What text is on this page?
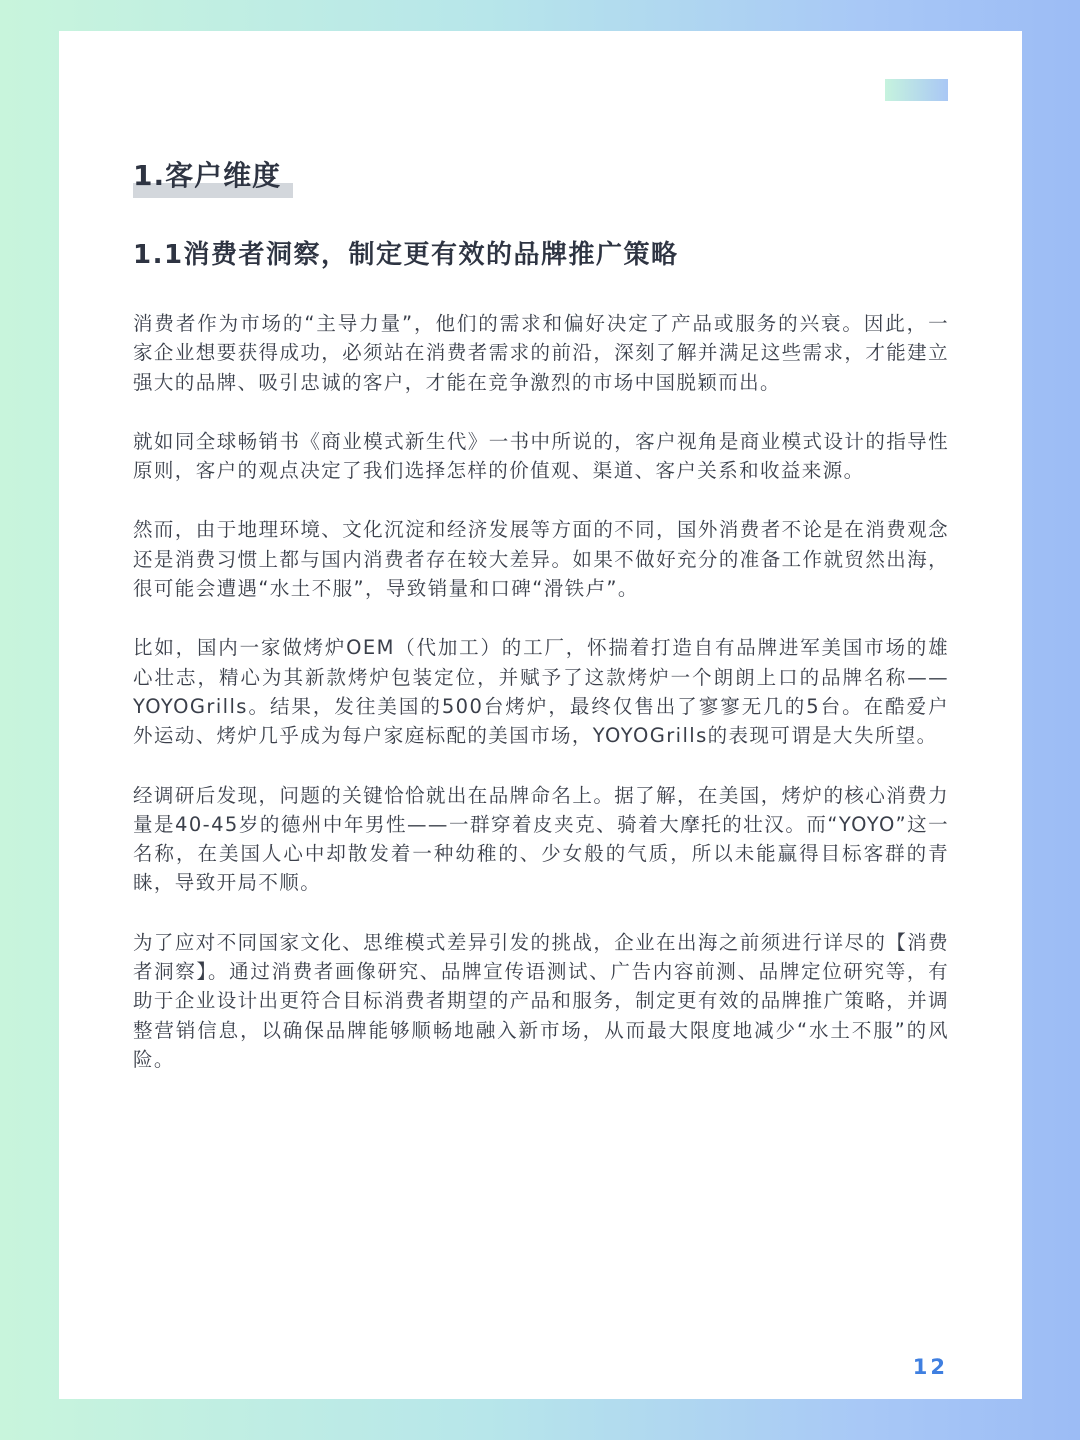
1.客户维度
1.1消费者洞察，制定更有效的品牌推广策略

消费者作为市场的“主导力量”，他们的需求和偏好决定了产品或服务的兴衰。因此，一家企业想要获得成功，必须站在消费者需求的前沿，深刻了解并满足这些需求，才能建立强大的品牌、吸引忠诚的客户，才能在竞争激烈的市场中国脱颖而出。

就如同全球畅销书《商业模式新生代》一书中所说的，客户视角是商业模式设计的指导性原则，客户的观点决定了我们选择怎样的价值观、渠道、客户关系和收益来源。

然而，由于地理环境、文化沉淀和经济发展等方面的不同，国外消费者不论是在消费观念还是消费习惯上都与国内消费者存在较大差异。如果不做好充分的准备工作就贸然出海，很可能会遭遇“水土不服”，导致销量和口碑“滑铁卢”。

比如，国内一家做烤炉OEM（代加工）的工厂，怀揣着打造自有品牌进军美国市场的雄心壮志，精心为其新款烤炉包装定位，并赋予了这款烤炉一个朗朗上口的品牌名称——YOYOGrills。结果，发往美国的500台烤炉，最终仅售出了寥寥无几的5台。在酷爱户外运动、烤炉几乎成为每户家庭标配的美国市场，YOYOGrills的表现可谓是大失所望。

经调研后发现，问题的关键恰恰就出在品牌命名上。据了解，在美国，烤炉的核心消费力量是40-45岁的德州中年男性——一群穿着皮夹克、骑着大摩托的壮汉。而“YOYO”这一名称，在美国人心中却散发着一种幼稚的、少女般的气质，所以未能赢得目标客群的青睐，导致开局不顺。

为了应对不同国家文化、思维模式差异引发的挑战，企业在出海之前须进行详尽的【消费者洞察】。通过消费者画像研究、品牌宣传语测试、广告内容前测、品牌定位研究等，有助于企业设计出更符合目标消费者期望的产品和服务，制定更有效的品牌推广策略，并调整营销信息，以确保品牌能够顺畅地融入新市场，从而最大限度地减少“水土不服”的风险。

12
